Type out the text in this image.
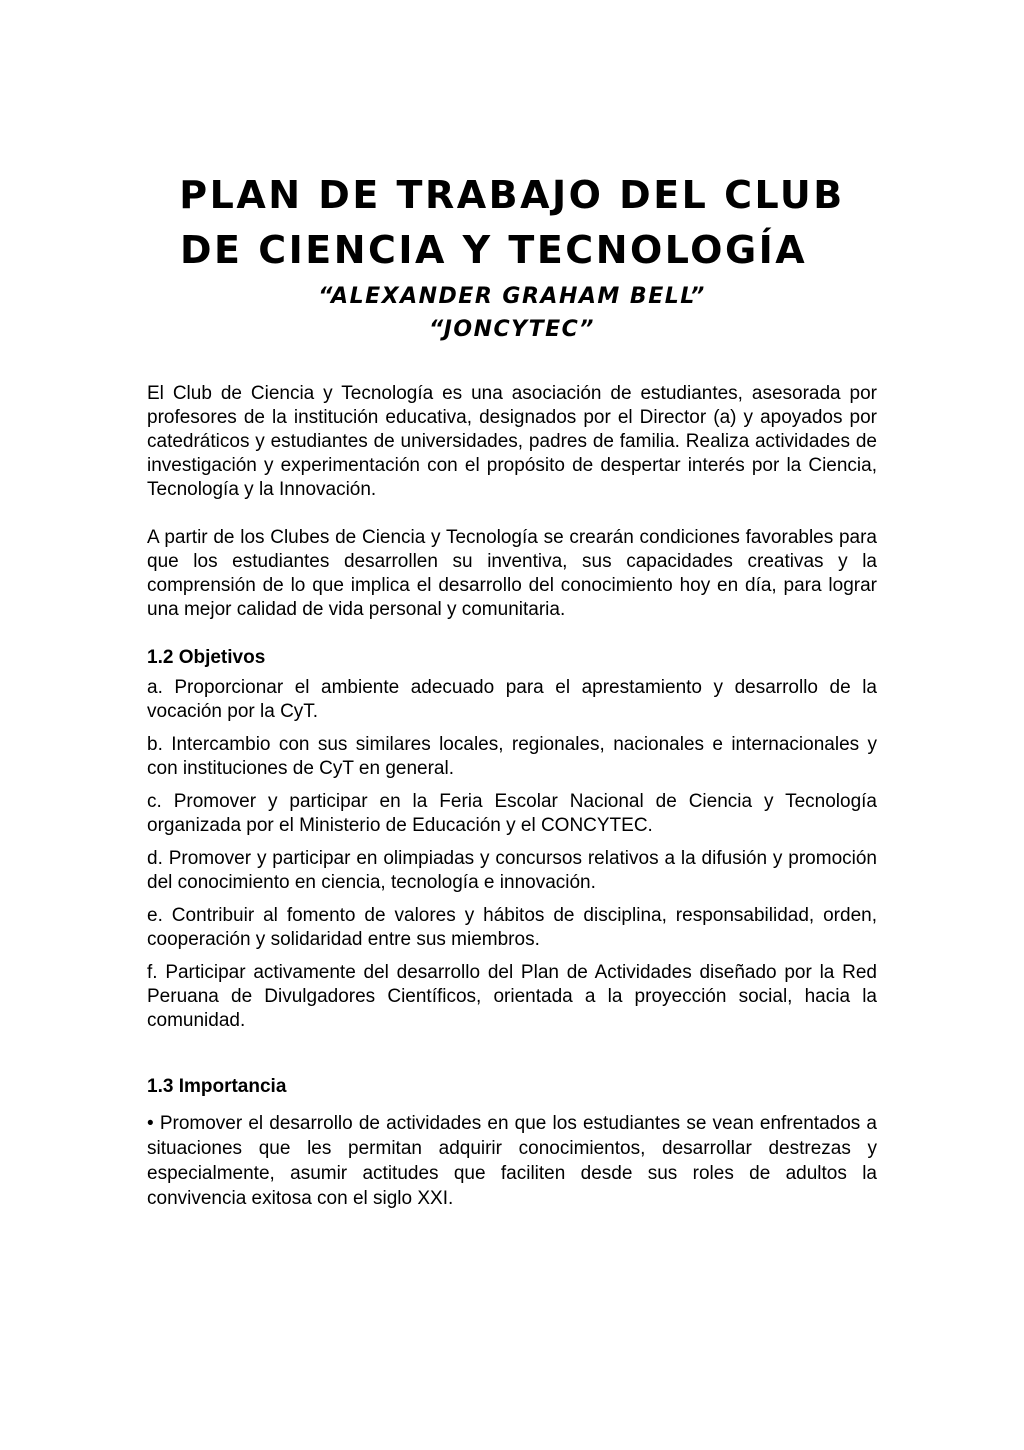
PLAN DE TRABAJO DEL CLUB

DE CIENCIA Y TECNOLOGÍA

“ALEXANDER GRAHAM BELL”

“JONCYTEC”

El Club de Ciencia y Tecnología es una asociación de estudiantes, asesorada por profesores de la institución educativa, designados por el Director (a) y apoyados por catedráticos y estudiantes de universidades, padres de familia. Realiza actividades de investigación y experimentación con el propósito de despertar interés por la Ciencia, Tecnología y la Innovación.

A partir de los Clubes de Ciencia y Tecnología se crearán condiciones favorables para que los estudiantes desarrollen su inventiva, sus capacidades creativas y la comprensión de lo que implica el desarrollo del conocimiento hoy en día, para lograr una mejor calidad de vida personal y comunitaria.

1.2 Objetivos

a. Proporcionar el ambiente adecuado para el aprestamiento y desarrollo de la vocación por la CyT.
b. Intercambio con sus similares locales, regionales, nacionales e internacionales y con instituciones de CyT en general.
c. Promover y participar en la Feria Escolar Nacional de Ciencia y Tecnología organizada por el Ministerio de Educación y el CONCYTEC.
d. Promover y participar en olimpiadas y concursos relativos a la difusión y promoción del conocimiento en ciencia, tecnología e innovación.
e. Contribuir al fomento de valores y hábitos de disciplina, responsabilidad, orden, cooperación y solidaridad entre sus miembros.
f. Participar activamente del desarrollo del Plan de Actividades diseñado por la Red Peruana de Divulgadores Científicos, orientada a la proyección social, hacia la comunidad.

1.3 Importancia

• Promover el desarrollo de actividades en que los estudiantes se vean enfrentados a situaciones que les permitan adquirir conocimientos, desarrollar destrezas y especialmente, asumir actitudes que faciliten desde sus roles de adultos la convivencia exitosa con el siglo XXI.
